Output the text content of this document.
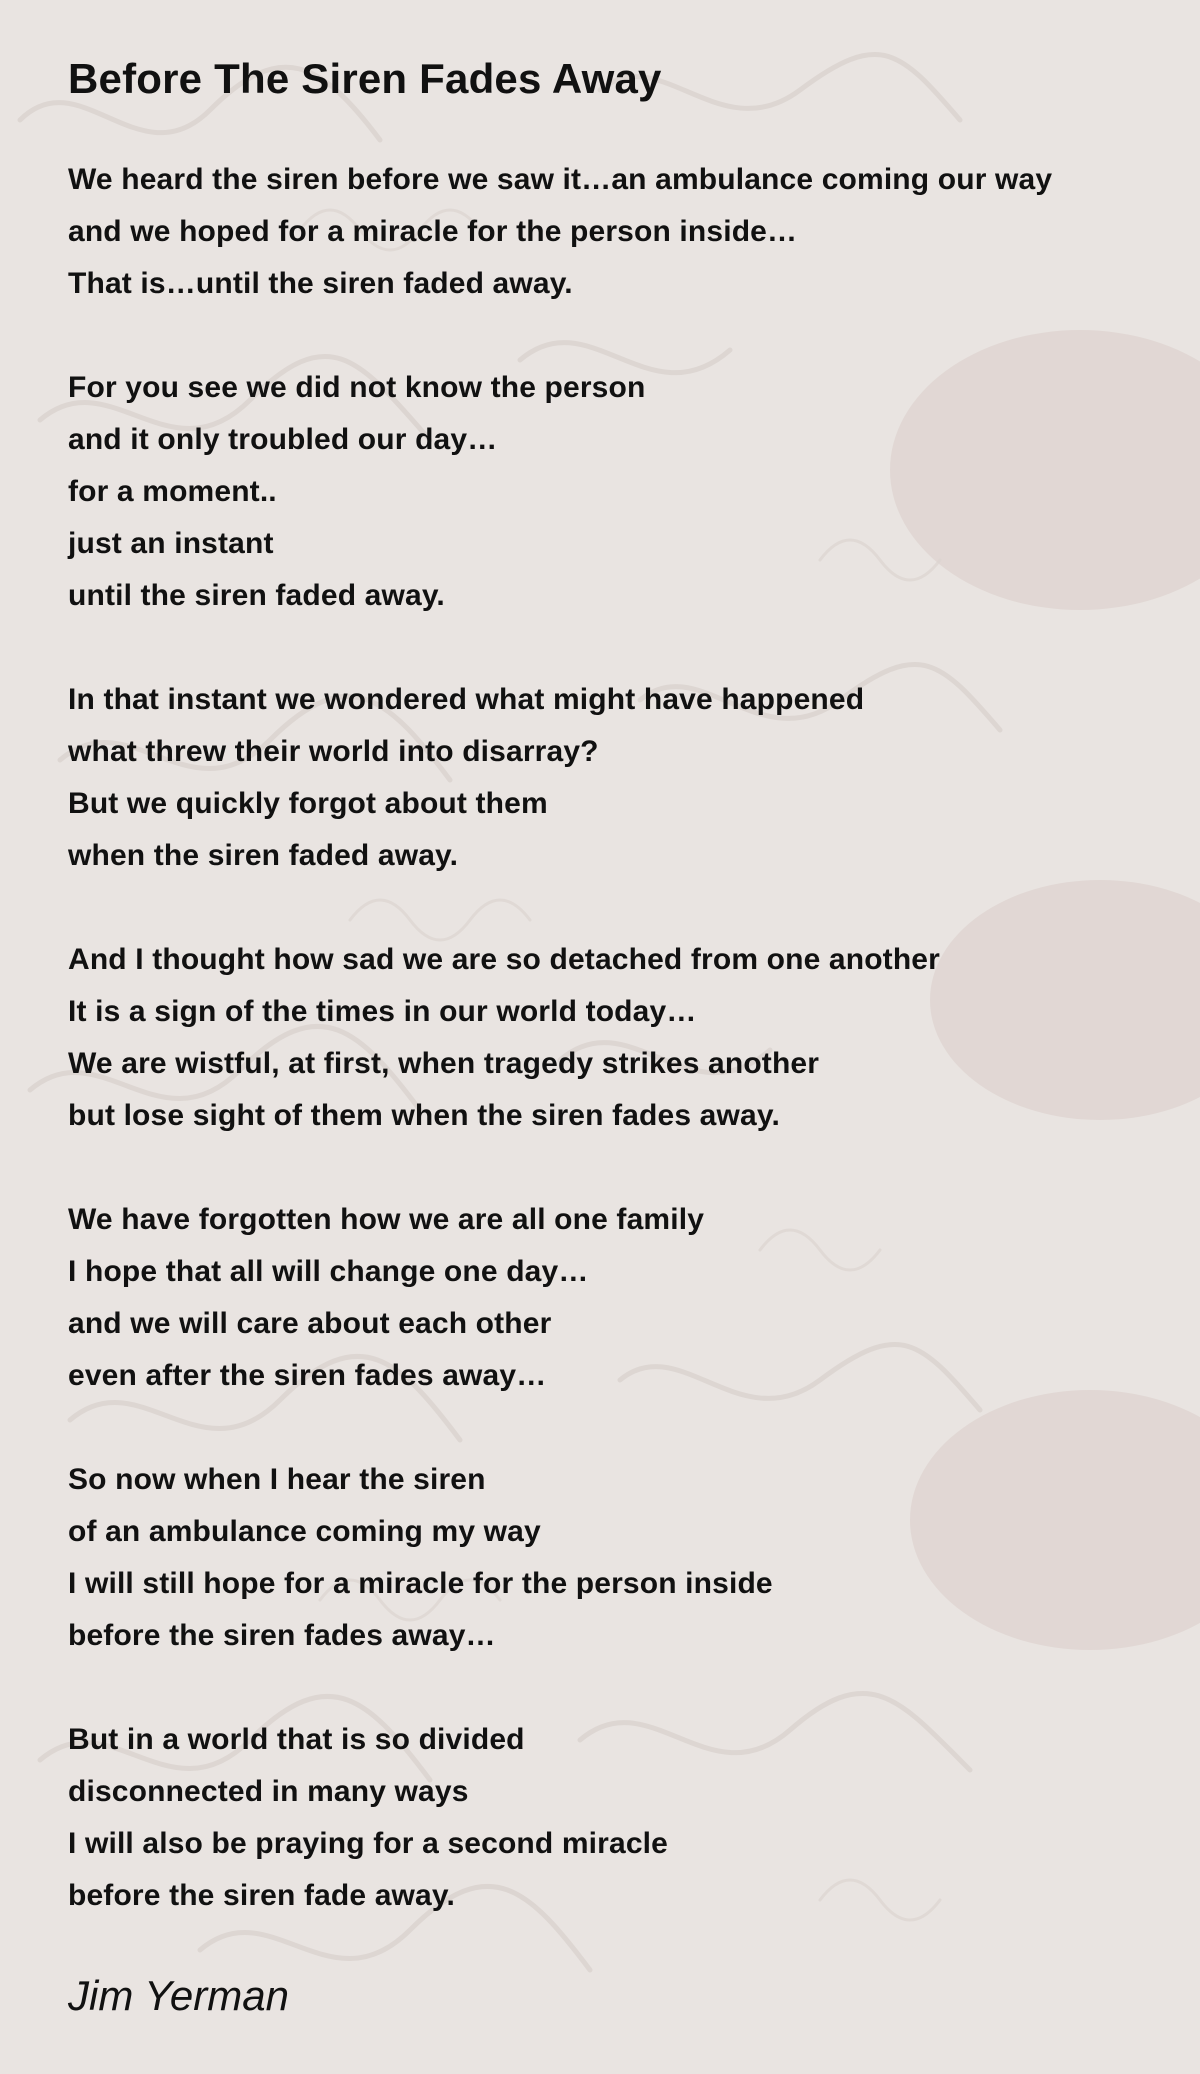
Before The Siren Fades Away
We heard the siren before we saw it…an ambulance coming our way
and we hoped for a miracle for the person inside…
That is…until the siren faded away.
For you see we did not know the person
and it only troubled our day…
for a moment..
just an instant
until the siren faded away.
In that instant we wondered what might have happened
what threw their world into disarray?
But we quickly forgot about them
when the siren faded away.
And I thought how sad we are so detached from one another
It is a sign of the times in our world today…
We are wistful, at first, when tragedy strikes another
but lose sight of them when the siren fades away.
We have forgotten how we are all one family
I hope that all will change one day…
and we will care about each other
even after the siren fades away…
So now when I hear the siren
of an ambulance coming my way
I will still hope for a miracle for the person inside
before the siren fades away…
But in a world that is so divided
disconnected in many ways
I will also be praying for a second miracle
before the siren fade away.
Jim Yerman
